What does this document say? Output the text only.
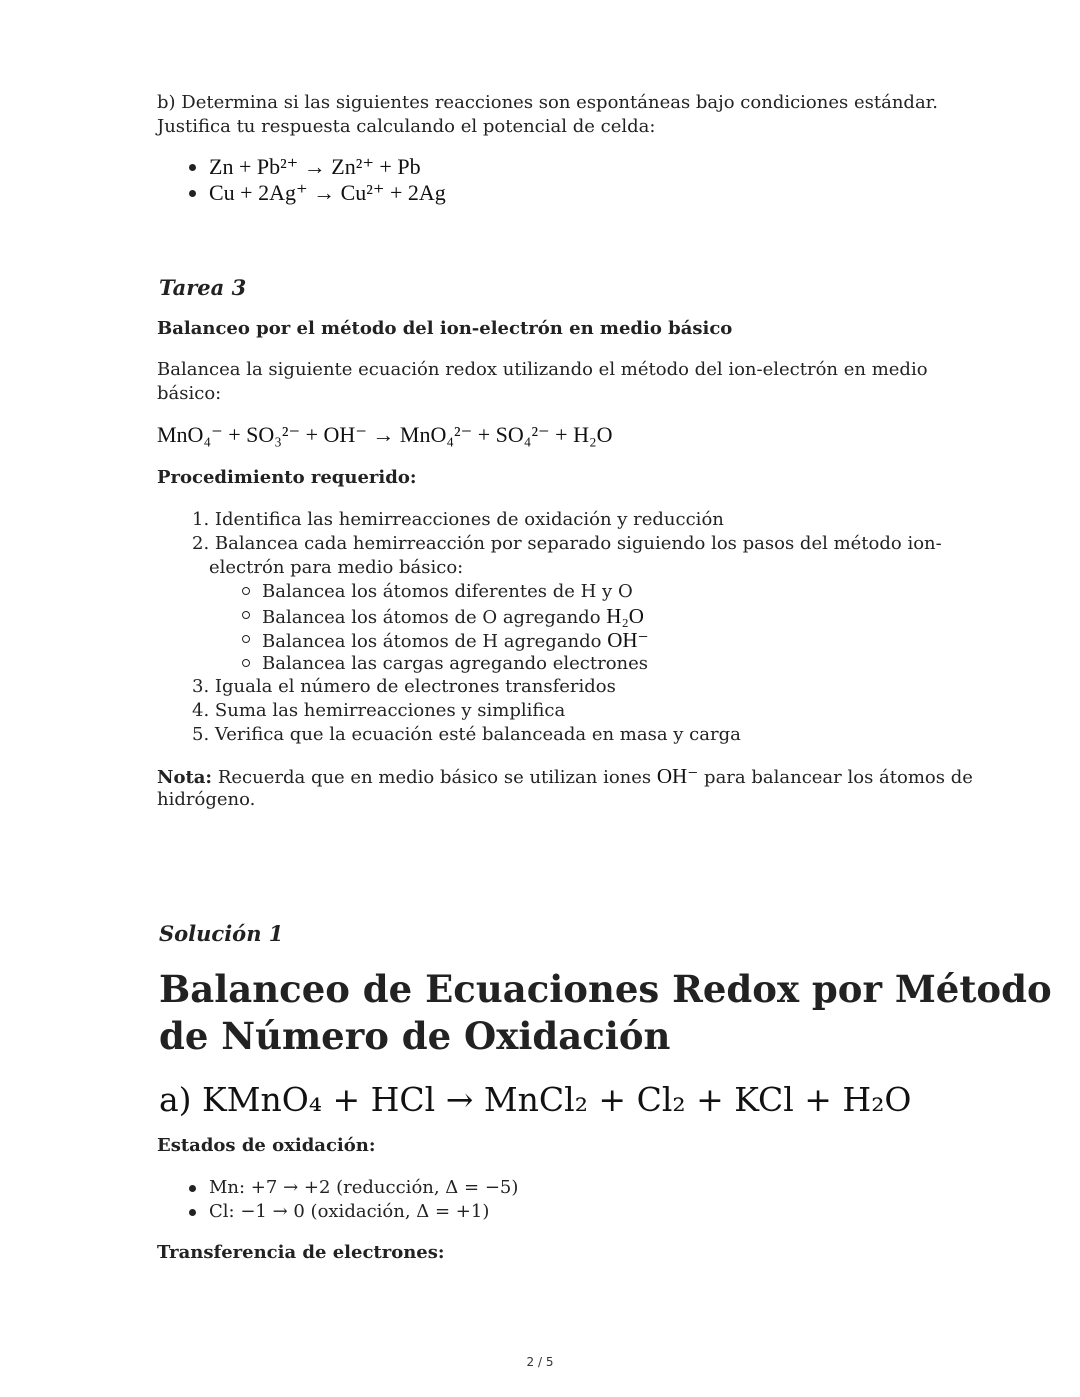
b) Determina si las siguientes reacciones son espontáneas bajo condiciones estándar.
Justifica tu respuesta calculando el potencial de celda:
Zn + Pb²⁺ → Zn²⁺ + Pb
Cu + 2Ag⁺ → Cu²⁺ + 2Ag
Tarea 3
Balanceo por el método del ion-electrón en medio básico
Balancea la siguiente ecuación redox utilizando el método del ion-electrón en medio
básico:
MnO₄⁻ + SO₃²⁻ + OH⁻ → MnO₄²⁻ + SO₄²⁻ + H₂O
Procedimiento requerido:
1. Identifica las hemirreacciones de oxidación y reducción
2. Balancea cada hemirreacción por separado siguiendo los pasos del método ion-
electrón para medio básico:
Balancea los átomos diferentes de H y O
Balancea los átomos de O agregando H₂O
Balancea los átomos de H agregando OH⁻
Balancea las cargas agregando electrones
3. Iguala el número de electrones transferidos
4. Suma las hemirreacciones y simplifica
5. Verifica que la ecuación esté balanceada en masa y carga
Nota: Recuerda que en medio básico se utilizan iones OH⁻ para balancear los átomos de
hidrógeno.
Solución 1
Balanceo de Ecuaciones Redox por Método
de Número de Oxidación
a) KMnO₄ + HCl → MnCl₂ + Cl₂ + KCl + H₂O
Estados de oxidación:
Mn: +7 → +2 (reducción, Δ = −5)
Cl: −1 → 0 (oxidación, Δ = +1)
Transferencia de electrones:
2 / 5
